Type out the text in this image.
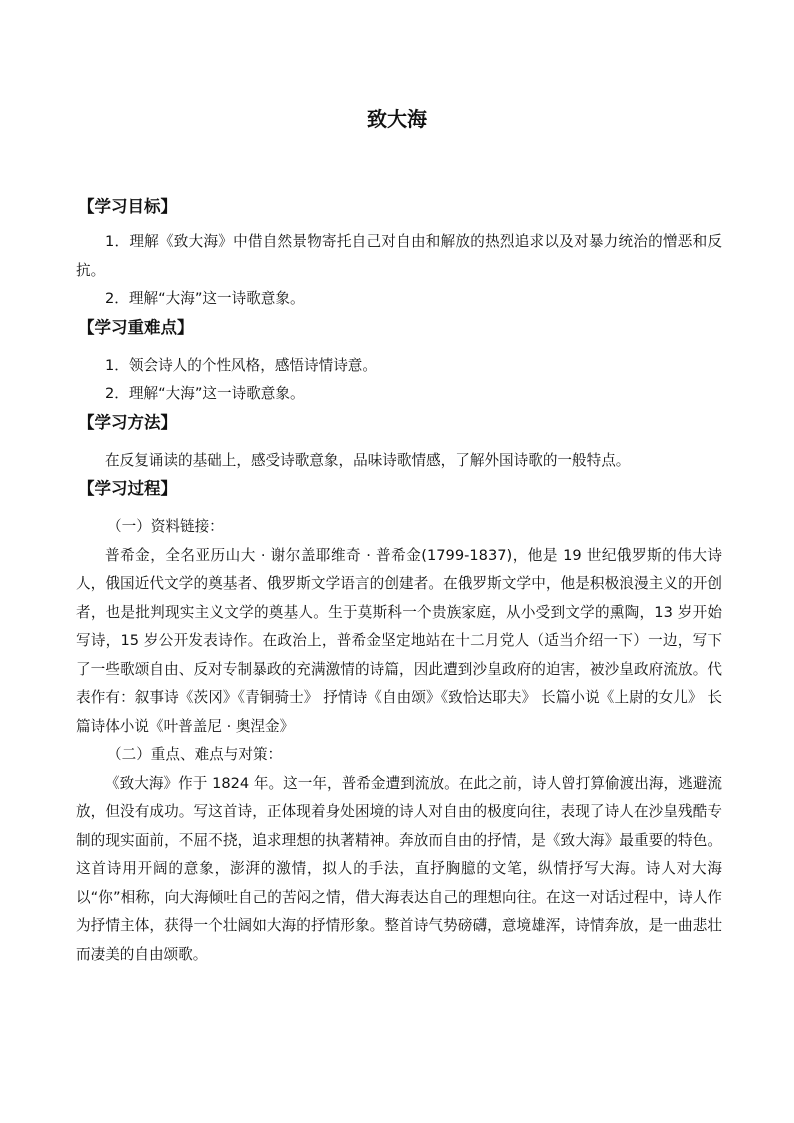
致大海
【学习目标】

1．理解《致大海》中借自然景物寄托自己对自由和解放的热烈追求以及对暴力统治的憎恶和反抗。

2．理解“大海”这一诗歌意象。

【学习重难点】

1．领会诗人的个性风格，感悟诗情诗意。

2．理解“大海”这一诗歌意象。

【学习方法】

在反复诵读的基础上，感受诗歌意象，品味诗歌情感，了解外国诗歌的一般特点。

【学习过程】

（一）资料链接：

普希金，全名亚历山大 · 谢尔盖耶维奇 · 普希金(1799-1837)，他是 19 世纪俄罗斯的伟大诗人，俄国近代文学的奠基者、俄罗斯文学语言的创建者。在俄罗斯文学中，他是积极浪漫主义的开创者，也是批判现实主义文学的奠基人。生于莫斯科一个贵族家庭，从小受到文学的熏陶，13 岁开始写诗，15 岁公开发表诗作。在政治上，普希金坚定地站在十二月党人（适当介绍一下）一边，写下了一些歌颂自由、反对专制暴政的充满激情的诗篇，因此遭到沙皇政府的迫害，被沙皇政府流放。代表作有：叙事诗《茨冈》《青铜骑士》 抒情诗《自由颂》《致恰达耶夫》 长篇小说《上尉的女儿》 长篇诗体小说《叶普盖尼 · 奥涅金》

（二）重点、难点与对策：

《致大海》作于 1824 年。这一年，普希金遭到流放。在此之前，诗人曾打算偷渡出海，逃避流放，但没有成功。写这首诗，正体现着身处困境的诗人对自由的极度向往，表现了诗人在沙皇残酷专制的现实面前，不屈不挠，追求理想的执著精神。奔放而自由的抒情，是《致大海》最重要的特色。这首诗用开阔的意象，澎湃的激情，拟人的手法，直抒胸臆的文笔，纵情抒写大海。诗人对大海以“你”相称，向大海倾吐自己的苦闷之情，借大海表达自己的理想向往。在这一对话过程中，诗人作为抒情主体，获得一个壮阔如大海的抒情形象。整首诗气势磅礴，意境雄浑，诗情奔放，是一曲悲壮而凄美的自由颂歌。
